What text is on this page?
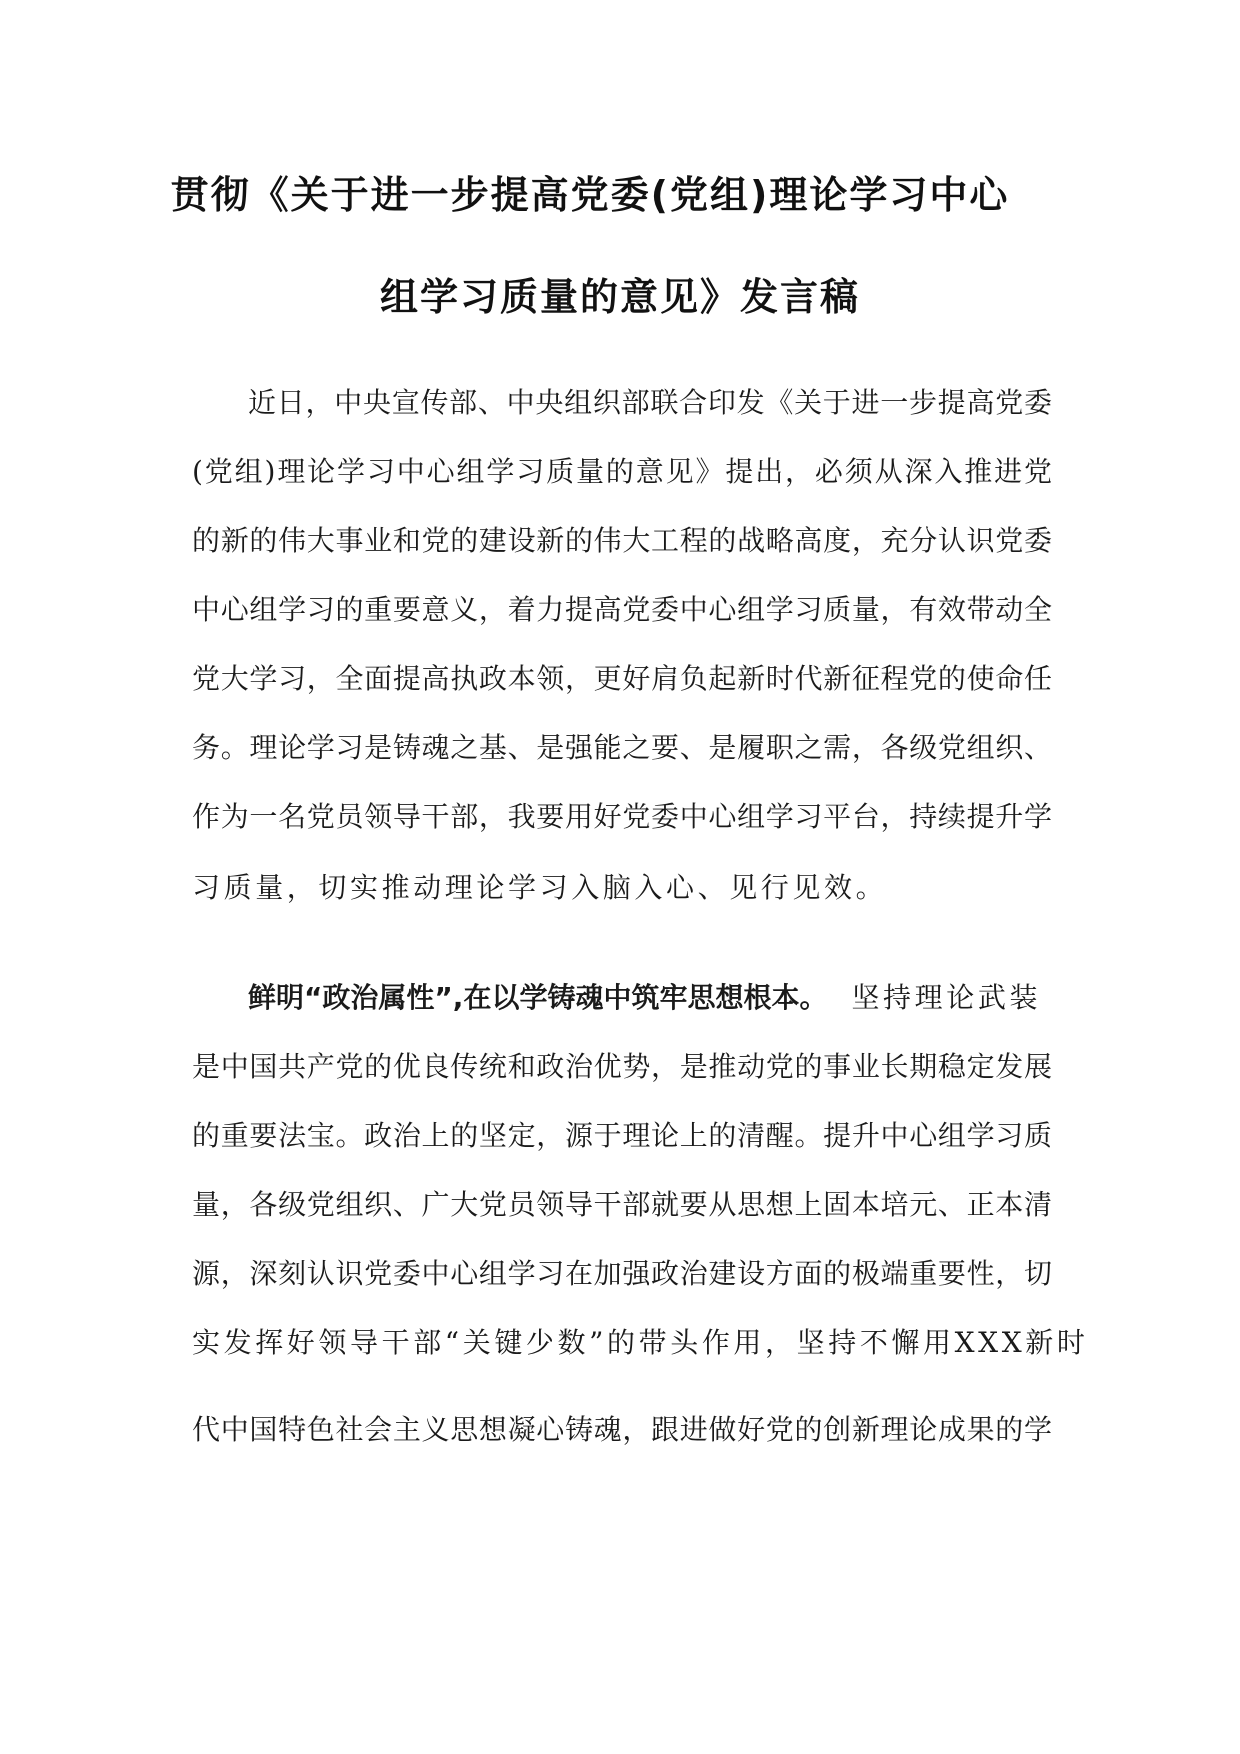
贯彻《关于进一步提高党委(党组)理论学习中心
组学习质量的意见》发言稿
近日，中央宣传部、中央组织部联合印发《关于进一步提高党委
(党组)理论学习中心组学习质量的意见》提出，必须从深入推进党
的新的伟大事业和党的建设新的伟大工程的战略高度，充分认识党委
中心组学习的重要意义，着力提高党委中心组学习质量，有效带动全
党大学习，全面提高执政本领，更好肩负起新时代新征程党的使命任
务。理论学习是铸魂之基、是强能之要、是履职之需，各级党组织、
作为一名党员领导干部，我要用好党委中心组学习平台，持续提升学
习质量，切实推动理论学习入脑入心、见行见效。
鲜明“政治属性”,在以学铸魂中筑牢思想根本。 坚持理论武装
是中国共产党的优良传统和政治优势，是推动党的事业长期稳定发展
的重要法宝。政治上的坚定，源于理论上的清醒。提升中心组学习质
量，各级党组织、广大党员领导干部就要从思想上固本培元、正本清
源，深刻认识党委中心组学习在加强政治建设方面的极端重要性，切
实发挥好领导干部“关键少数”的带头作用，坚持不懈用XXX新时
代中国特色社会主义思想凝心铸魂，跟进做好党的创新理论成果的学
